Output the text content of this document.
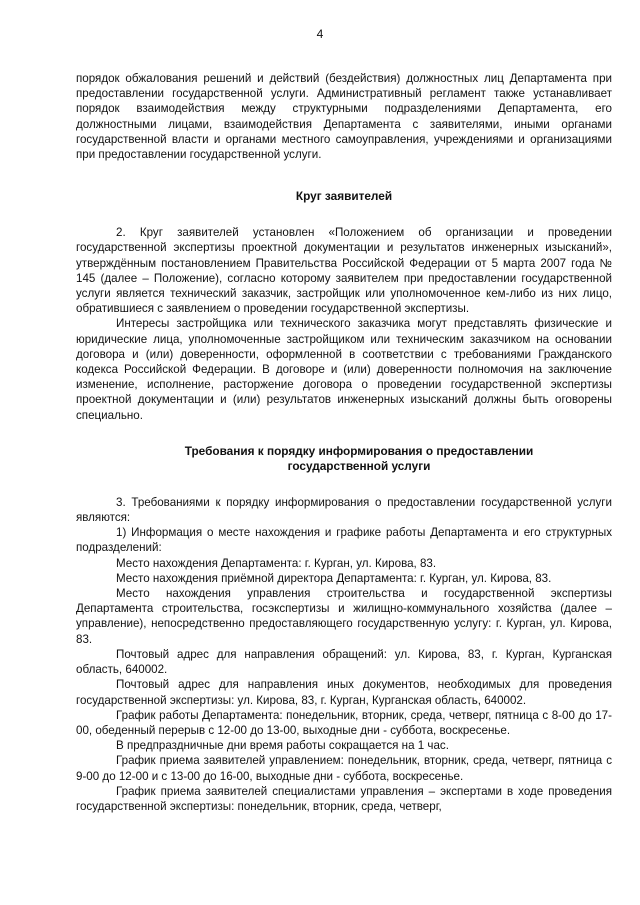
4

порядок обжалования решений и действий (бездействия) должностных лиц Департамента при предоставлении государственной услуги. Административный регламент также устанавливает порядок взаимодействия между структурными подразделениями Департамента, его должностными лицами, взаимодействия Департамента с заявителями, иными органами государственной власти и органами местного самоуправления, учреждениями и организациями при предоставлении государственной услуги.

Круг заявителей

2. Круг заявителей установлен «Положением об организации и проведении государственной экспертизы проектной документации и результатов инженерных изысканий», утверждённым постановлением Правительства Российской Федерации от 5 марта 2007 года № 145 (далее – Положение), согласно которому заявителем при предоставлении государственной услуги является технический заказчик, застройщик или уполномоченное кем-либо из них лицо, обратившиеся с заявлением о проведении государственной экспертизы.

Интересы застройщика или технического заказчика могут представлять физические и юридические лица, уполномоченные застройщиком или техническим заказчиком на основании договора и (или) доверенности, оформленной в соответствии с требованиями Гражданского кодекса Российской Федерации. В договоре и (или) доверенности полномочия на заключение изменение, исполнение, расторжение договора о проведении государственной экспертизы проектной документации и (или) результатов инженерных изысканий должны быть оговорены специально.

Требования к порядку информирования о предоставлении
государственной услуги

3. Требованиями к порядку информирования о предоставлении государственной услуги являются:

1) Информация о месте нахождения и графике работы Департамента и его структурных подразделений:

Место нахождения Департамента: г. Курган, ул. Кирова, 83.

Место нахождения приёмной директора Департамента: г. Курган, ул. Кирова, 83.

Место нахождения управления строительства и государственной экспертизы Департамента строительства, госэкспертизы и жилищно-коммунального хозяйства (далее – управление), непосредственно предоставляющего государственную услугу: г. Курган, ул. Кирова, 83.

Почтовый адрес для направления обращений: ул. Кирова, 83, г. Курган, Курганская область, 640002.

Почтовый адрес для направления иных документов, необходимых для проведения государственной экспертизы: ул. Кирова, 83, г. Курган, Курганская область, 640002.

График работы Департамента: понедельник, вторник, среда, четверг, пятница с 8-00 до 17-00, обеденный перерыв с 12-00 до 13-00, выходные дни - суббота, воскресенье.

В предпраздничные дни время работы сокращается на 1 час.

График приема заявителей управлением: понедельник, вторник, среда, четверг, пятница с 9-00 до 12-00 и с 13-00 до 16-00, выходные дни - суббота, воскресенье.

График приема заявителей специалистами управления – экспертами в ходе проведения государственной экспертизы: понедельник, вторник, среда, четверг,
